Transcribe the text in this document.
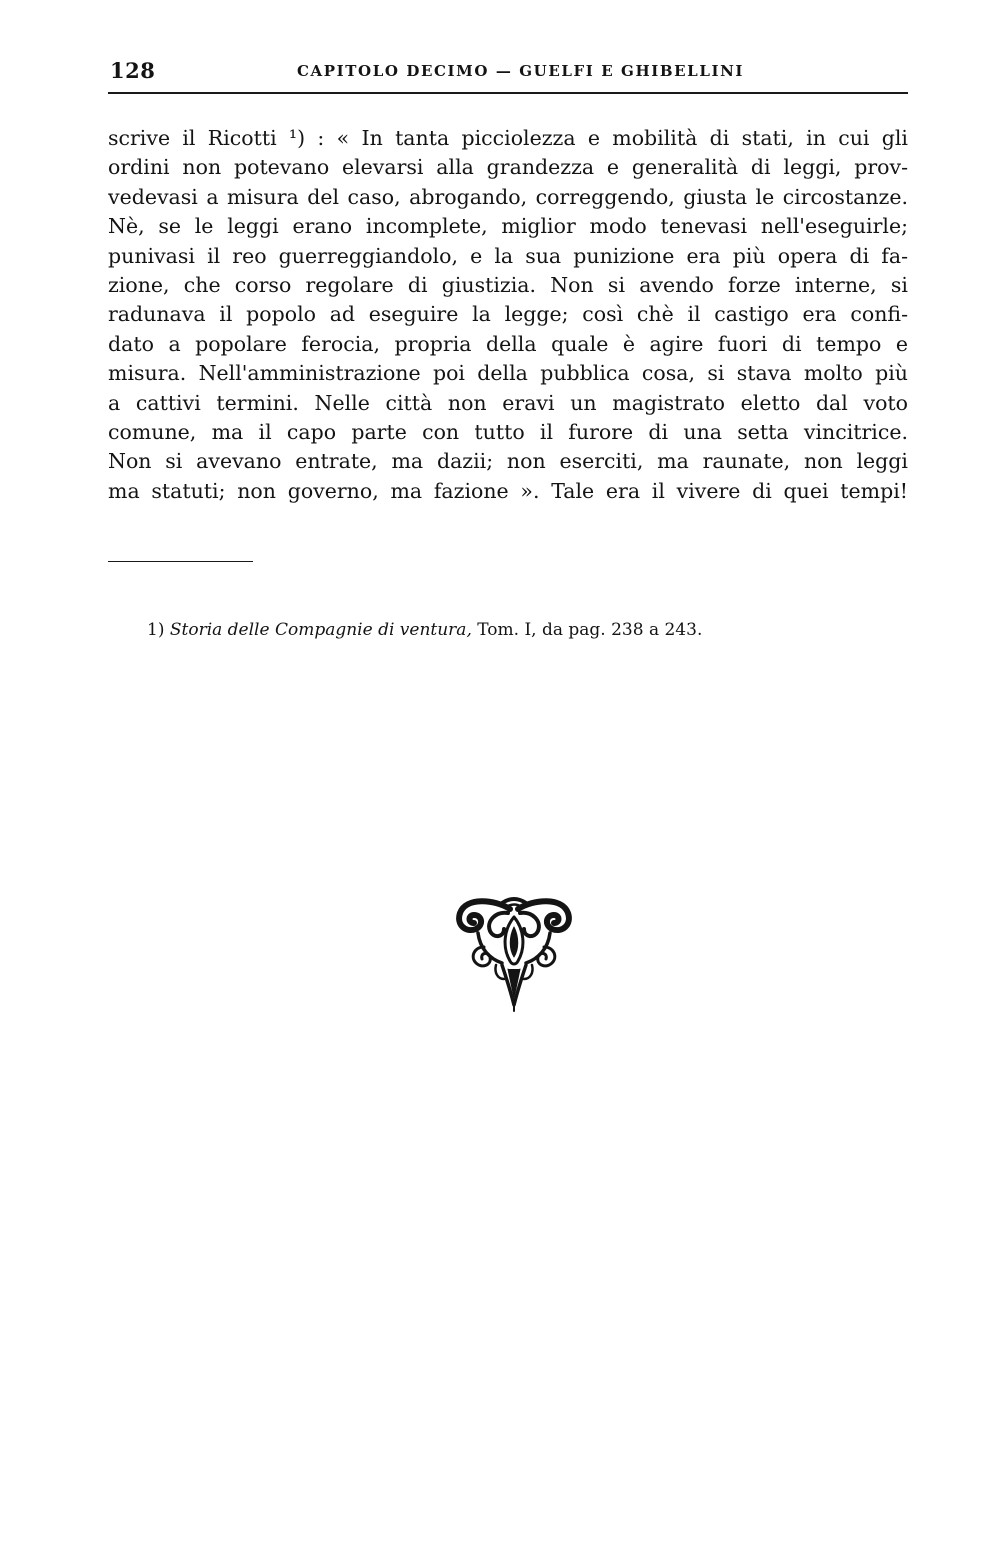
128	CAPITOLO DECIMO — GUELFI E GHIBELLINI
scrive il Ricotti ¹) : « In tanta picciolezza e mobilità di stati, in cui gli
ordini non potevano elevarsi alla grandezza e generalità di leggi, prov-
vedevasi a misura del caso, abrogando, correggendo, giusta le circostanze.
Nè, se le leggi erano incomplete, miglior modo tenevasi nell'eseguirle;
punivasi il reo guerreggiandolo, e la sua punizione era più opera di fa-
zione, che corso regolare di giustizia. Non si avendo forze interne, si
radunava il popolo ad eseguire la legge; così chè il castigo era confi-
dato a popolare ferocia, propria della quale è agire fuori di tempo e
misura. Nell'amministrazione poi della pubblica cosa, si stava molto più
a cattivi termini. Nelle città non eravi un magistrato eletto dal voto
comune, ma il capo parte con tutto il furore di una setta vincitrice.
Non si avevano entrate, ma dazii; non eserciti, ma raunate, non leggi
ma statuti; non governo, ma fazione ». Tale era il vivere di quei tempi!
1) Storia delle Compagnie di ventura, Tom. I, da pag. 238 a 243.
